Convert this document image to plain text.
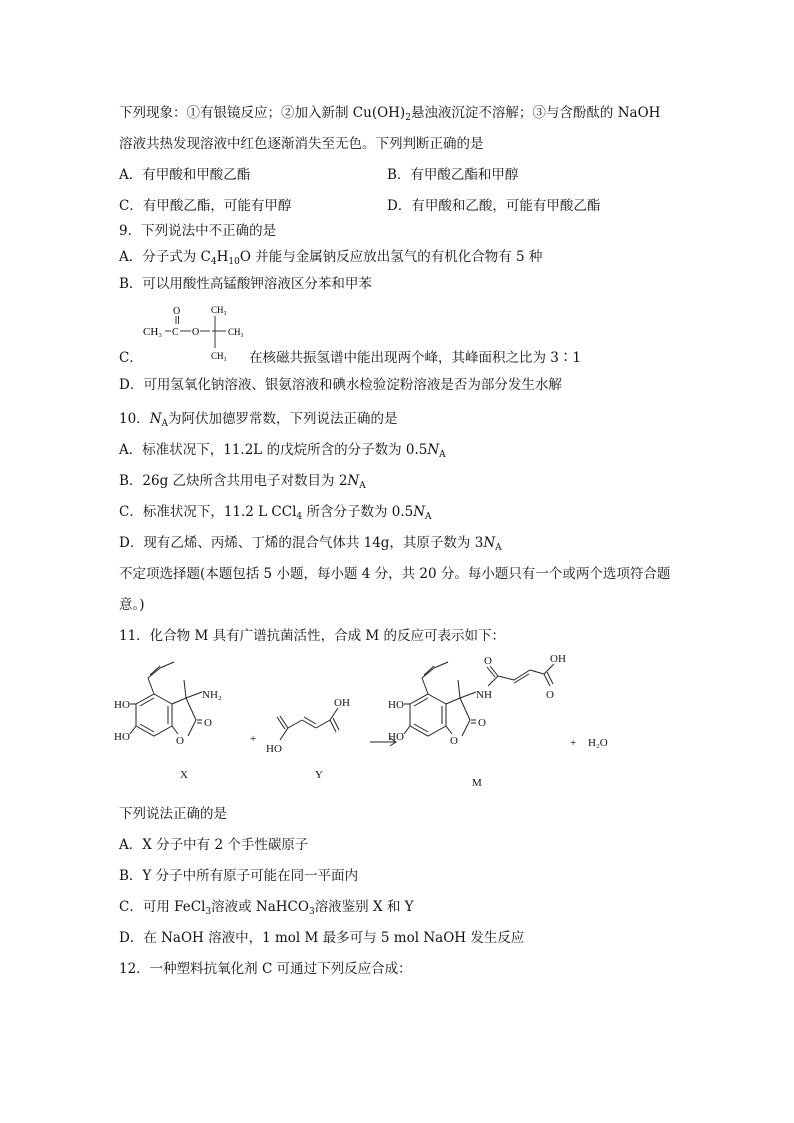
下列现象：①有银镜反应；②加入新制 $Cu(OH)_2$悬浊液沉淀不溶解；③与含酚酞的 NaOH
溶液共热发现溶液中红色逐渐消失至无色。下列判断正确的是
A．有甲酸和甲酸乙酯	B．有甲酸乙酯和甲醇
C．有甲酸乙酯，可能有甲醇	D．有甲酸和乙酸，可能有甲酸乙酯
9．下列说法中不正确的是
A．分子式为 $C_4H_{10}O$ 并能与金属钠反应放出氢气的有机化合物有 5 种
B．可以用酸性高锰酸钾溶液区分苯和甲苯
CH₃ C
O
O
CH₃
CH₃
CH₃
C．	在核磁共振氢谱中能出现两个峰，其峰面积之比为 3∶1
D．可用氢氧化钠溶液、银氨溶液和碘水检验淀粉溶液是否为部分发生水解
10．$N_A$为阿伏加德罗常数，下列说法正确的是
A．标准状况下，11.2L 的戊烷所含的分子数为 $0.5N_A$
B．26g 乙炔所含共用电子对数目为 $2N_A$
C．标准状况下，11.2 L CCl$_4$ 所含分子数为 $0.5N_A$
D．现有乙烯、丙烯、丁烯的混合气体共 14g，其原子数为 $3N_A$
不定项选择题(本题包括 5 小题，每小题 4 分，共 20 分。每小题只有一个或两个选项符合题
意。)
11．化合物 M 具有广谱抗菌活性，合成 M 的反应可表示如下：
HO
HO
NH₂
O
O
X
+
HO
OH
Y
HO
HO
NH
O
O
O	OH
O
M
+ H₂O
下列说法正确的是
A．X 分子中有 2 个手性碳原子
B．Y 分子中所有原子可能在同一平面内
C．可用 FeCl$_3$溶液或 NaHCO$_3$溶液鉴别 X 和 Y
D．在 NaOH 溶液中，1 mol M 最多可与 5 mol NaOH 发生反应
12．一种塑料抗氧化剂 C 可通过下列反应合成：
